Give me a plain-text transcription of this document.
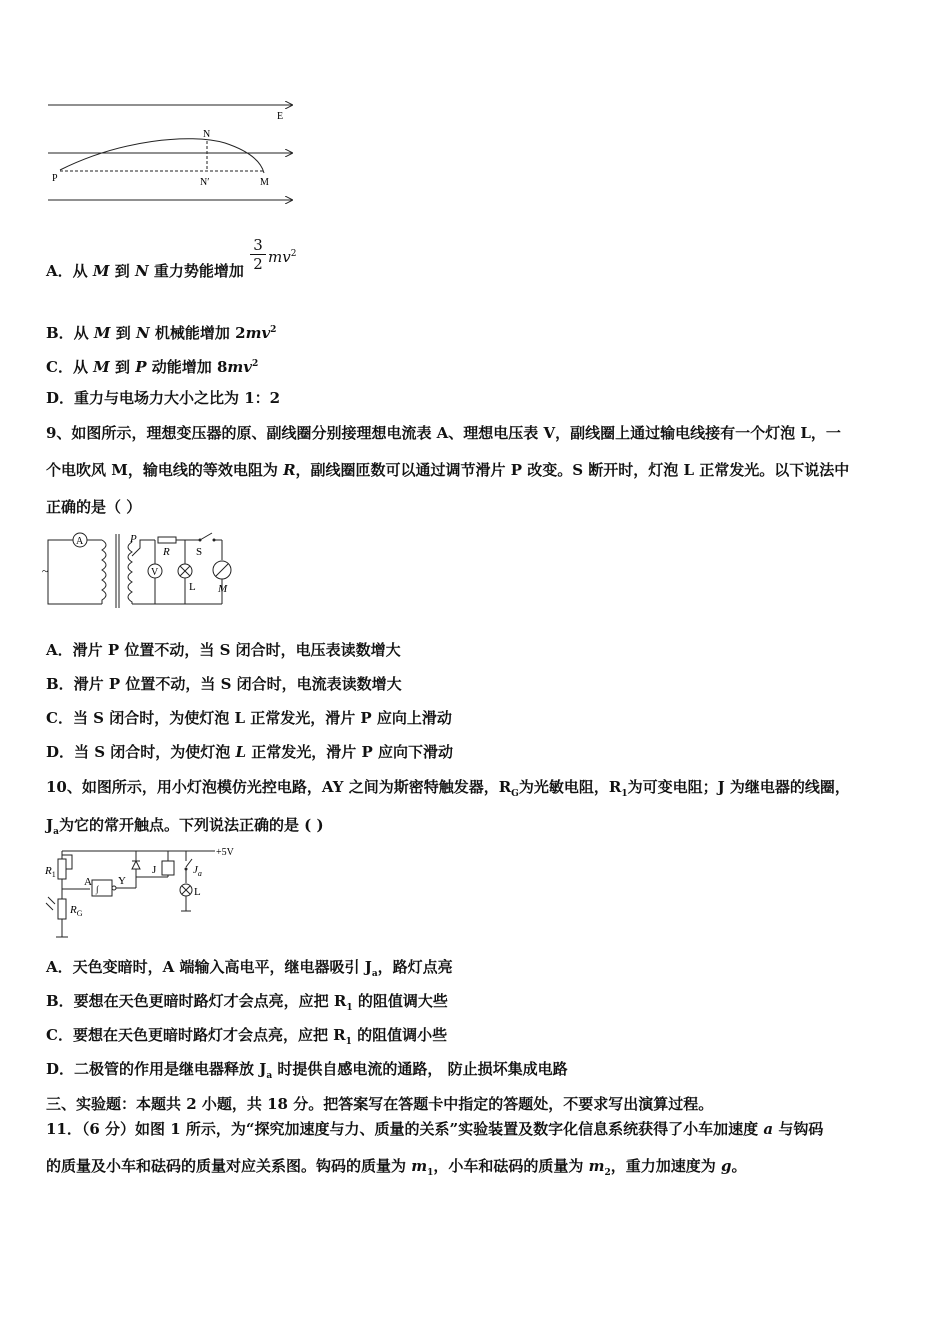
E
N
N′
P	M
A．从 M 到 N 重力势能增加
3
2 $mv^2$
B．从 M 到 N 机械能增加 $2mv^2$
C．从 M 到 P 动能增加 $8mv^2$
D．重力与电场力大小之比为 1：2
9、如图所示，理想变压器的原、副线圈分别接理想电流表 A、理想电压表 V，副线圈上通过输电线接有一个灯泡 L，一
个电吹风 M，输电线的等效电阻为 R，副线圈匝数可以通过调节滑片 P 改变。S 断开时，灯泡 L 正常发光。以下说法中
正确的是（ ）
A
~
P
R S
V
L M
A．滑片 P 位置不动，当 S 闭合时，电压表读数增大
B．滑片 P 位置不动，当 S 闭合时，电流表读数增大
C．当 S 闭合时，为使灯泡 L 正常发光，滑片 P 应向上滑动
D．当 S 闭合时，为使灯泡 L 正常发光，滑片 P 应向下滑动
10、如图所示，用小灯泡模仿光控电路，AY 之间为斯密特触发器，$R_G$为光敏电阻，$R_1$为可变电阻；J 为继电器的线圈，
$J_a$为它的常开触点。下列说法正确的是 ( )
+5V
$R_1$
A
∫
Y
J	$J_a$
L
$R_G$
A．天色变暗时，A 端输入高电平，继电器吸引 $J_a$，路灯点亮
B．要想在天色更暗时路灯才会点亮，应把 $R_1$ 的阻值调大些
C．要想在天色更暗时路灯才会点亮，应把 $R_1$ 的阻值调小些
D．二极管的作用是继电器释放 $J_a$ 时提供自感电流的通路， 防止损坏集成电路
三、实验题：本题共 2 小题，共 18 分。把答案写在答题卡中指定的答题处，不要求写出演算过程。
11．（6 分）如图 1 所示，为“探究加速度与力、质量的关系”实验装置及数字化信息系统获得了小车加速度 a 与钩码
的质量及小车和砝码的质量对应关系图。钩码的质量为 $m_1$，小车和砝码的质量为 $m_2$，重力加速度为 g。
